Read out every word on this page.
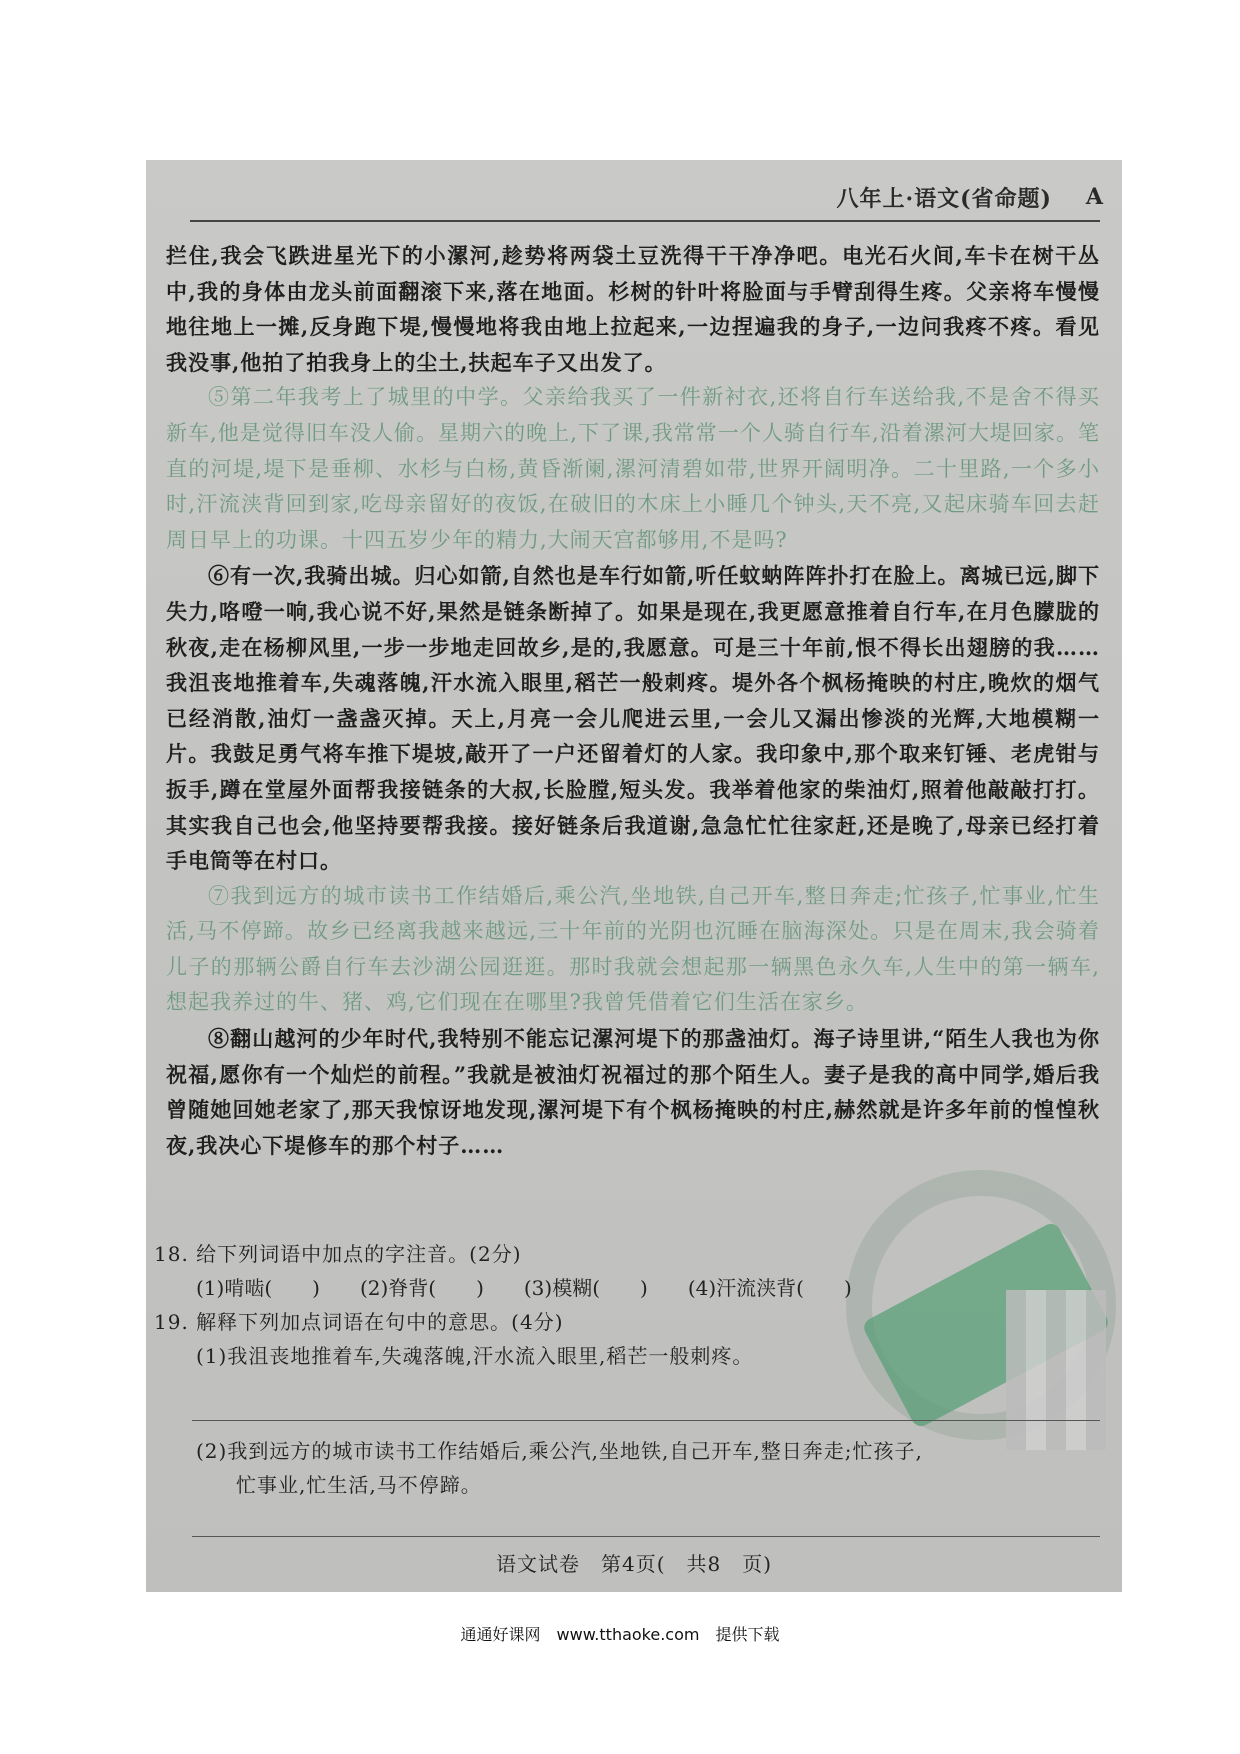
八年上·语文(省命题) A

拦住,我会飞跌进星光下的小漯河,趁势将两袋土豆洗得干干净净吧。电光石火间,车卡在树干丛中,我的身体由龙头前面翻滚下来,落在地面。杉树的针叶将脸面与手臂刮得生疼。父亲将车慢慢地往地上一摊,反身跑下堤,慢慢地将我由地上拉起来,一边捏遍我的身子,一边问我疼不疼。看见我没事,他拍了拍我身上的尘土,扶起车子又出发了。

⑤第二年我考上了城里的中学。父亲给我买了一件新衬衣,还将自行车送给我,不是舍不得买新车,他是觉得旧车没人偷。星期六的晚上,下了课,我常常一个人骑自行车,沿着漯河大堤回家。笔直的河堤,堤下是垂柳、水杉与白杨,黄昏渐阑,漯河清碧如带,世界开阔明净。二十里路,一个多小时,汗流浃背回到家,吃母亲留好的夜饭,在破旧的木床上小睡几个钟头,天不亮,又起床骑车回去赶周日早上的功课。十四五岁少年的精力,大闹天宫都够用,不是吗?

⑥有一次,我骑出城。归心如箭,自然也是车行如箭,听任蚊蚋阵阵扑打在脸上。离城已远,脚下失力,咯噔一响,我心说不好,果然是链条断掉了。如果是现在,我更愿意推着自行车,在月色朦胧的秋夜,走在杨柳风里,一步一步地走回故乡,是的,我愿意。可是三十年前,恨不得长出翅膀的我……我沮丧地推着车,失魂落魄,汗水流入眼里,稻芒一般刺疼。堤外各个枫杨掩映的村庄,晚炊的烟气已经消散,油灯一盏盏灭掉。天上,月亮一会儿爬进云里,一会儿又漏出惨淡的光辉,大地模糊一片。我鼓足勇气将车推下堤坡,敲开了一户还留着灯的人家。我印象中,那个取来钉锤、老虎钳与扳手,蹲在堂屋外面帮我接链条的大叔,长脸膛,短头发。我举着他家的柴油灯,照着他敲敲打打。其实我自己也会,他坚持要帮我接。接好链条后我道谢,急急忙忙往家赶,还是晚了,母亲已经打着手电筒等在村口。

⑦我到远方的城市读书工作结婚后,乘公汽,坐地铁,自己开车,整日奔走;忙孩子,忙事业,忙生活,马不停蹄。故乡已经离我越来越远,三十年前的光阴也沉睡在脑海深处。只是在周末,我会骑着儿子的那辆公爵自行车去沙湖公园逛逛。那时我就会想起那一辆黑色永久车,人生中的第一辆车,想起我养过的牛、猪、鸡,它们现在在哪里?我曾凭借着它们生活在家乡。

⑧翻山越河的少年时代,我特别不能忘记漯河堤下的那盏油灯。海子诗里讲,“陌生人我也为你祝福,愿你有一个灿烂的前程。”我就是被油灯祝福过的那个陌生人。妻子是我的高中同学,婚后我曾随她回她老家了,那天我惊讶地发现,漯河堤下有个枫杨掩映的村庄,赫然就是许多年前的惶惶秋夜,我决心下堤修车的那个村子……

18. 给下列词语中加点的字注音。(2分)

(1)啃啮(　　) (2)脊背(　　) (3)模糊(　　) (4)汗流浃背(　　)

19. 解释下列加点词语在句中的意思。(4分)

(1)我沮丧地推着车,失魂落魄,汗水流入眼里,稻芒一般刺疼。

(2)我到远方的城市读书工作结婚后,乘公汽,坐地铁,自己开车,整日奔走;忙孩子,

忙事业,忙生活,马不停蹄。

语文试卷　第4页(　共8　页)
通通好课网　www.tthaoke.com　提供下载
